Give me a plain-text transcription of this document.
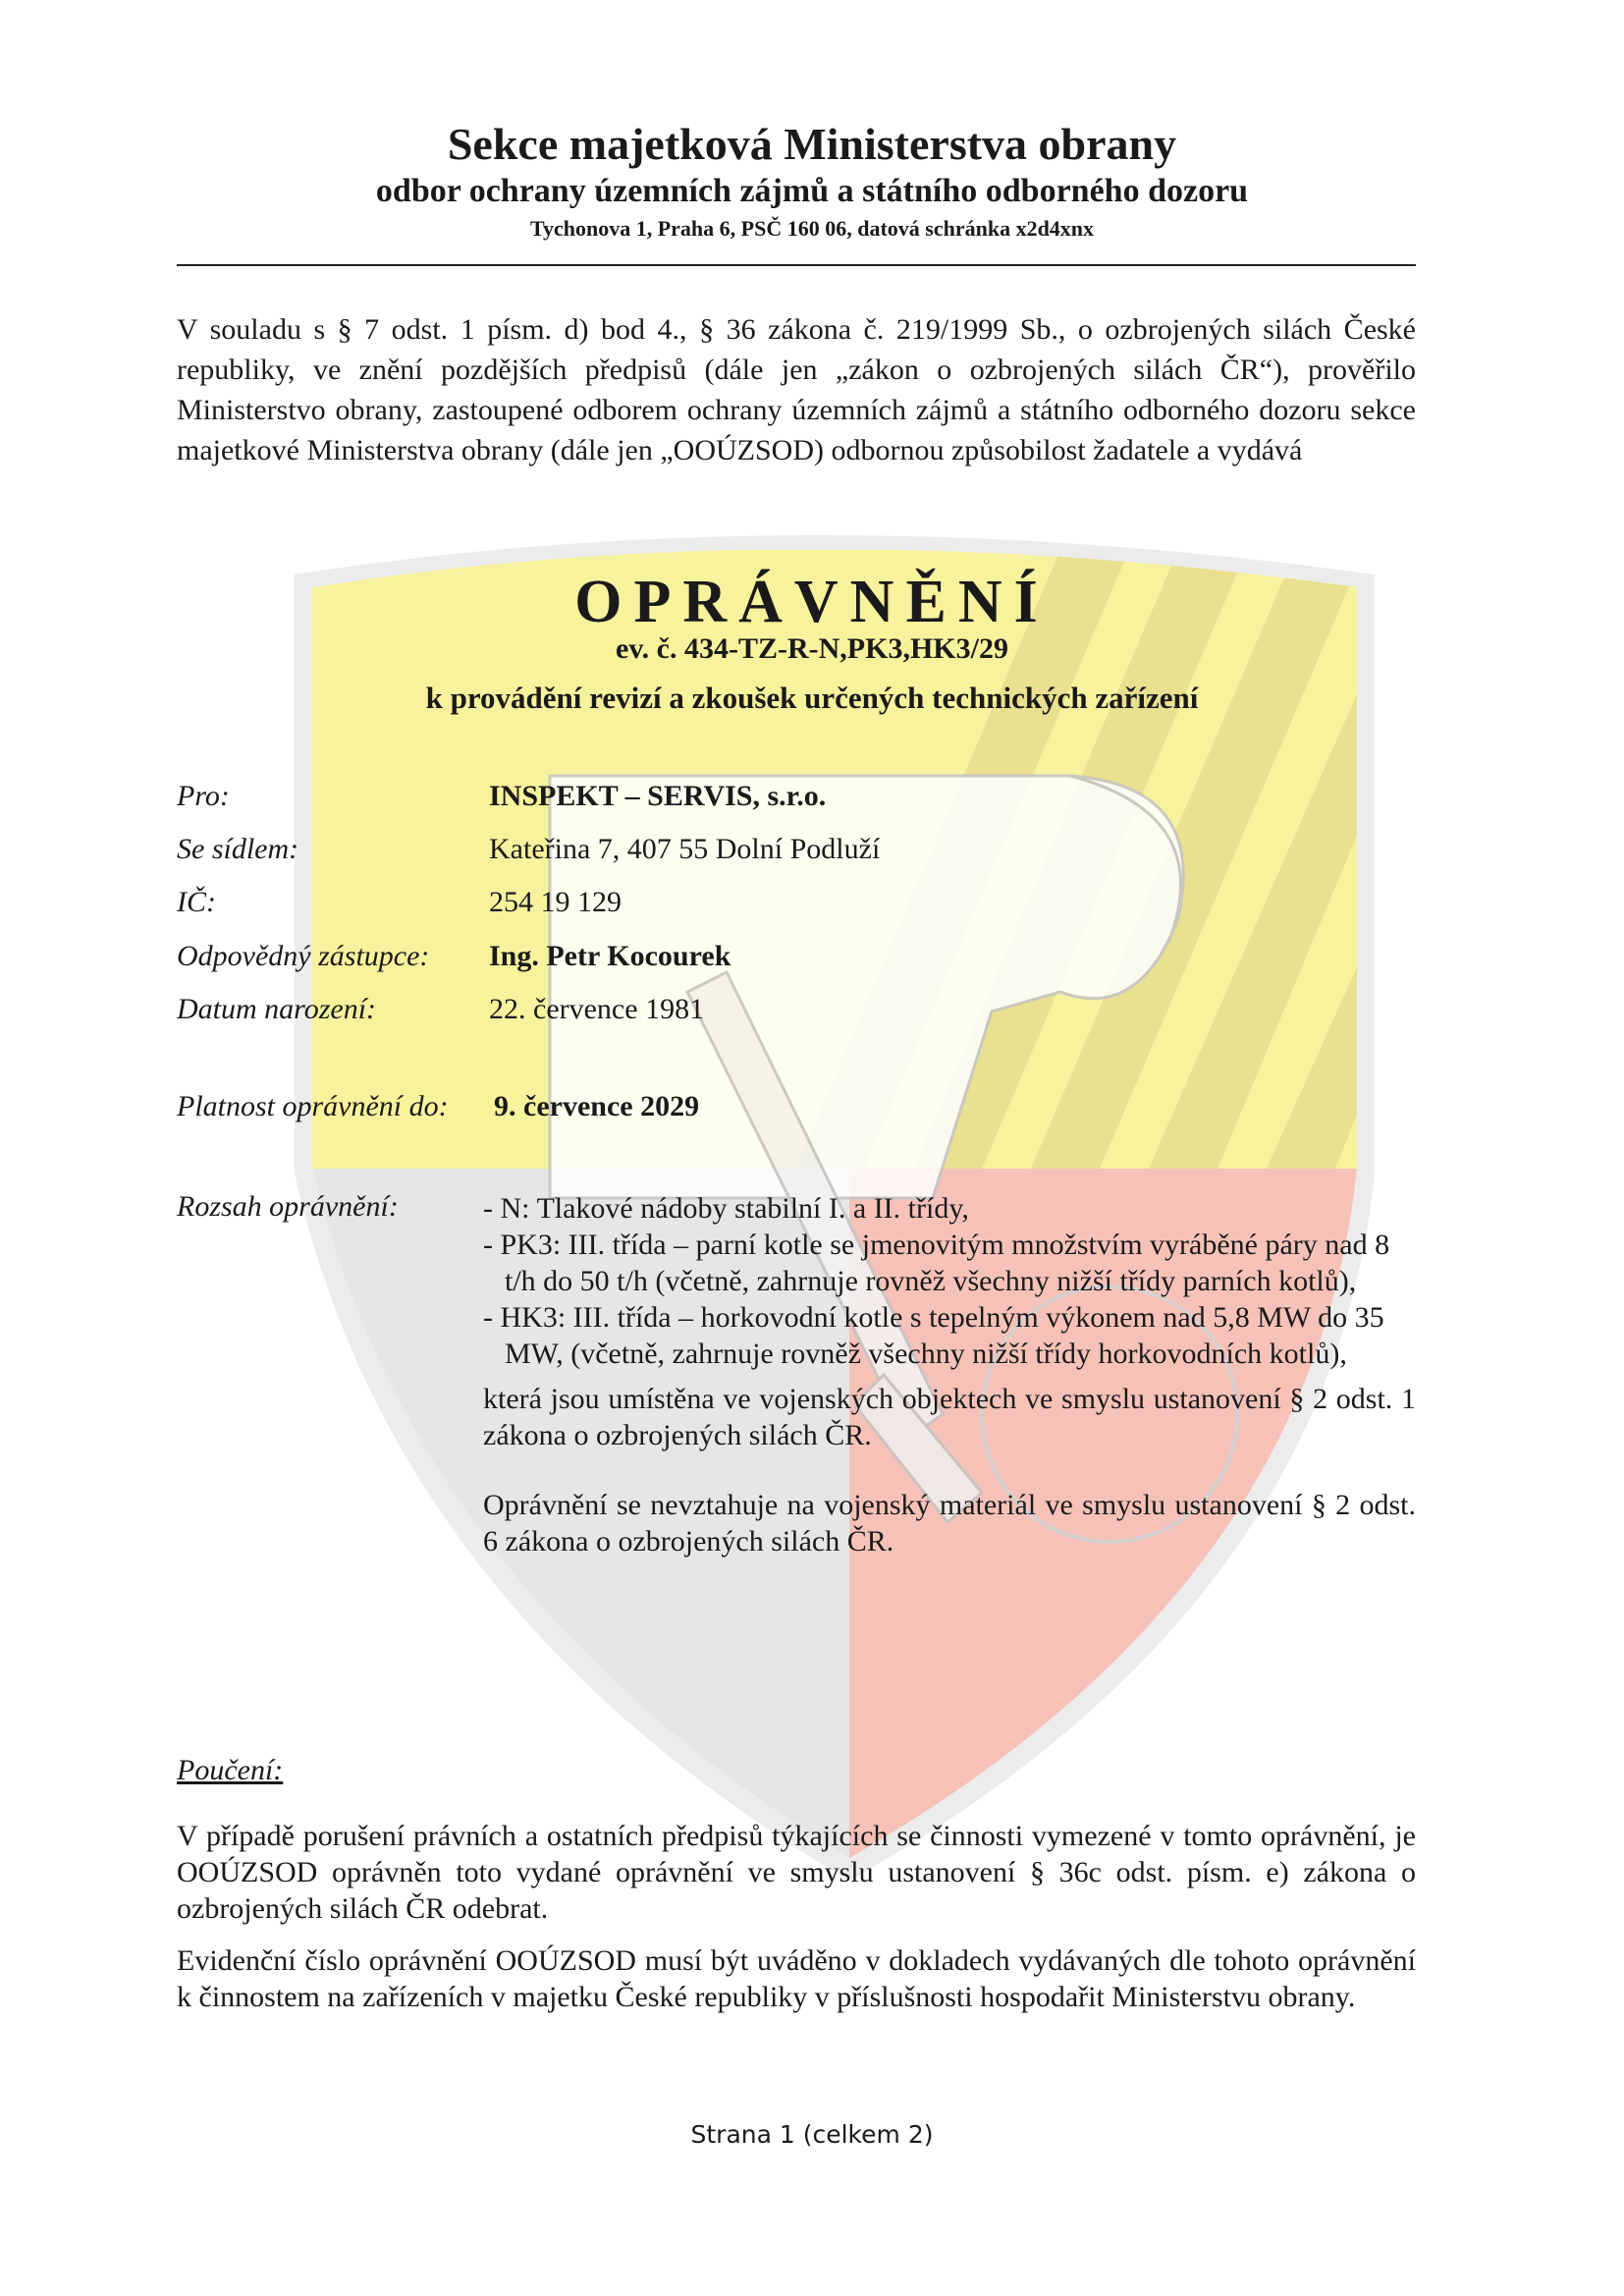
Sekce majetková Ministerstva obrany
odbor ochrany územních zájmů a státního odborného dozoru
Tychonova 1, Praha 6, PSČ 160 06, datová schránka x2d4xnx
V souladu s § 7 odst. 1 písm. d) bod 4., § 36 zákona č. 219/1999 Sb., o ozbrojených silách České republiky, ve znění pozdějších předpisů (dále jen „zákon o ozbrojených silách ČR“), prověřilo Ministerstvo obrany, zastoupené odborem ochrany územních zájmů a státního odborného dozoru sekce majetkové Ministerstva obrany (dále jen „OOÚZSOD) odbornou způsobilost žadatele a vydává
OPRÁVNĚNÍ
ev. č. 434-TZ-R-N,PK3,HK3/29
k provádění revizí a zkoušek určených technických zařízení
Pro:	INSPEKT – SERVIS, s.r.o.
Se sídlem:	Kateřina 7, 407 55 Dolní Podluží
IČ:	254 19 129
Odpovědný zástupce: Ing. Petr Kocourek
Datum narození:	22. července 1981
Platnost oprávnění do: 9. července 2029
Rozsah oprávnění:	- N: Tlakové nádoby stabilní I. a II. třídy,
- PK3: III. třída – parní kotle se jmenovitým množstvím vyráběné páry nad 8 t/h do 50 t/h (včetně, zahrnuje rovněž všechny nižší třídy parních kotlů),
- HK3: III. třída – horkovodní kotle s tepelným výkonem nad 5,8 MW do 35 MW, (včetně, zahrnuje rovněž všechny nižší třídy horkovodních kotlů),
která jsou umístěna ve vojenských objektech ve smyslu ustanovení § 2 odst. 1 zákona o ozbrojených silách ČR.
Oprávnění se nevztahuje na vojenský materiál ve smyslu ustanovení § 2 odst. 6 zákona o ozbrojených silách ČR.
Poučení:
V případě porušení právních a ostatních předpisů týkajících se činnosti vymezené v tomto oprávnění, je OOÚZSOD oprávněn toto vydané oprávnění ve smyslu ustanovení § 36c odst. písm. e) zákona o ozbrojených silách ČR odebrat.
Evidenční číslo oprávnění OOÚZSOD musí být uváděno v dokladech vydávaných dle tohoto oprávnění k činnostem na zařízeních v majetku České republiky v příslušnosti hospodařit Ministerstvu obrany.
Strana 1 (celkem 2)
